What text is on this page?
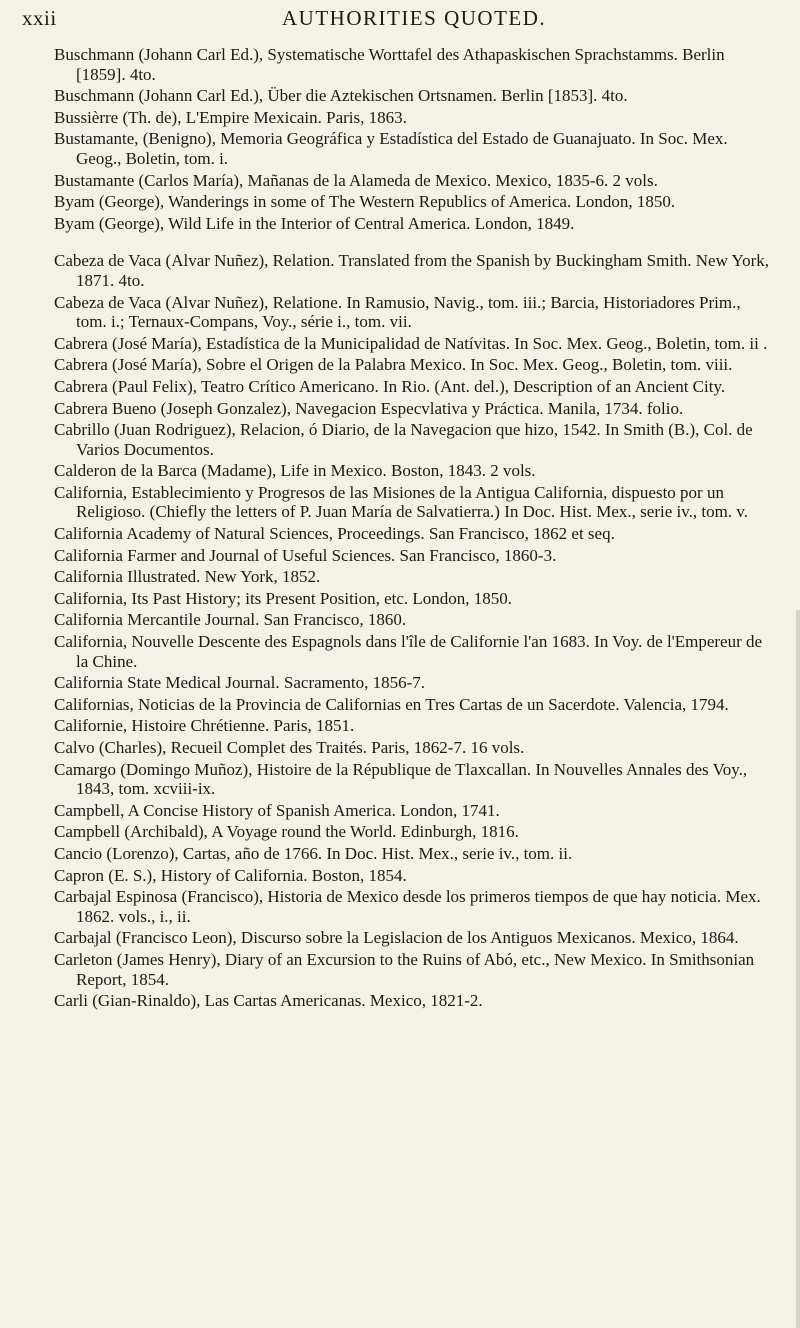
xxii	AUTHORITIES QUOTED.
Buschmann (Johann Carl Ed.), Systematische Worttafel des Athapaskischen Sprachstamms. Berlin [1859]. 4to.
Buschmann (Johann Carl Ed.), Über die Aztekischen Ortsnamen. Berlin [1853]. 4to.
Bussièrre (Th. de), L'Empire Mexicain. Paris, 1863.
Bustamante, (Benigno), Memoria Geográfica y Estadística del Estado de Guanajuato. In Soc. Mex. Geog., Boletin, tom. i.
Bustamante (Carlos María), Mañanas de la Alameda de Mexico. Mexico, 1835-6. 2 vols.
Byam (George), Wanderings in some of The Western Republics of America. London, 1850.
Byam (George), Wild Life in the Interior of Central America. London, 1849.
Cabeza de Vaca (Alvar Nuñez), Relation. Translated from the Spanish by Buckingham Smith. New York, 1871. 4to.
Cabeza de Vaca (Alvar Nuñez), Relatione. In Ramusio, Navig., tom. iii.; Barcia, Historiadores Prim., tom. i.; Ternaux-Compans, Voy., série i., tom. vii.
Cabrera (José María), Estadística de la Municipalidad de Natívitas. In Soc. Mex. Geog., Boletin, tom. ii .
Cabrera (José María), Sobre el Origen de la Palabra Mexico. In Soc. Mex. Geog., Boletin, tom. viii.
Cabrera (Paul Felix), Teatro Crítico Americano. In Rio. (Ant. del.), Description of an Ancient City.
Cabrera Bueno (Joseph Gonzalez), Navegacion Especvlativa y Práctica. Manila, 1734. folio.
Cabrillo (Juan Rodriguez), Relacion, ó Diario, de la Navegacion que hizo, 1542. In Smith (B.), Col. de Varios Documentos.
Calderon de la Barca (Madame), Life in Mexico. Boston, 1843. 2 vols.
California, Establecimiento y Progresos de las Misiones de la Antigua California, dispuesto por un Religioso. (Chiefly the letters of P. Juan María de Salvatierra.) In Doc. Hist. Mex., serie iv., tom. v.
California Academy of Natural Sciences, Proceedings. San Francisco, 1862 et seq.
California Farmer and Journal of Useful Sciences. San Francisco, 1860-3.
California Illustrated. New York, 1852.
California, Its Past History; its Present Position, etc. London, 1850.
California Mercantile Journal. San Francisco, 1860.
California, Nouvelle Descente des Espagnols dans l'île de Californie l'an 1683. In Voy. de l'Empereur de la Chine.
California State Medical Journal. Sacramento, 1856-7.
Californias, Noticias de la Provincia de Californias en Tres Cartas de un Sacerdote. Valencia, 1794.
Californie, Histoire Chrétienne. Paris, 1851.
Calvo (Charles), Recueil Complet des Traités. Paris, 1862-7. 16 vols.
Camargo (Domingo Muñoz), Histoire de la République de Tlaxcallan. In Nouvelles Annales des Voy., 1843, tom. xcviii-ix.
Campbell, A Concise History of Spanish America. London, 1741.
Campbell (Archibald), A Voyage round the World. Edinburgh, 1816.
Cancio (Lorenzo), Cartas, año de 1766. In Doc. Hist. Mex., serie iv., tom. ii.
Capron (E. S.), History of California. Boston, 1854.
Carbajal Espinosa (Francisco), Historia de Mexico desde los primeros tiempos de que hay noticia. Mex. 1862. vols., i., ii.
Carbajal (Francisco Leon), Discurso sobre la Legislacion de los Antiguos Mexicanos. Mexico, 1864.
Carleton (James Henry), Diary of an Excursion to the Ruins of Abó, etc., New Mexico. In Smithsonian Report, 1854.
Carli (Gian-Rinaldo), Las Cartas Americanas. Mexico, 1821-2.
